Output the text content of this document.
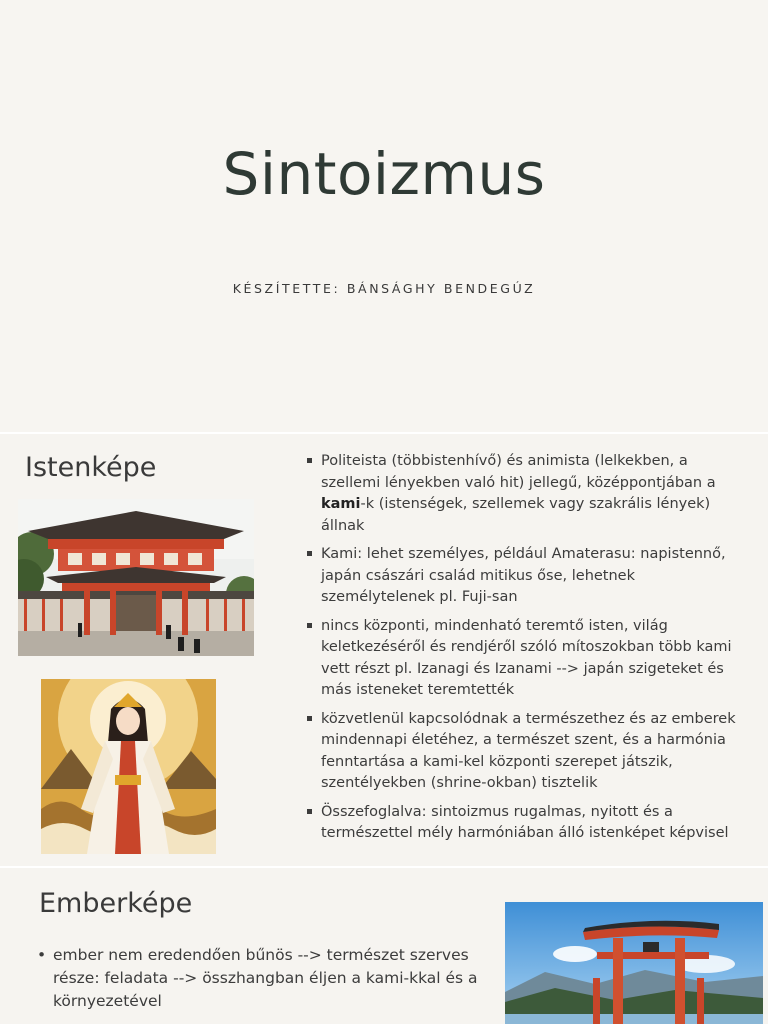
Sintoizmus
KÉSZÍTETTE: BÁNSÁGHY BENDEGÚZ
Istenképe	Politeista (többistenhívő) és animista (lelkekben, a szellemi lényekben való hit) jellegű, középpontjában a kami-k (istenségek, szellemek vagy szakrális lények) állnak
Kami: lehet személyes, például Amaterasu: napistennő, japán császári család mitikus őse, lehetnek személytelenek pl. Fuji-san
nincs központi, mindenható teremtő isten, világ keletkezéséről és rendjéről szóló mítoszokban több kami vett részt pl. Izanagi és Izanami --> japán szigeteket és más isteneket teremtették
közvetlenül kapcsolódnak a természethez és az emberek mindennapi életéhez, a természet szent, és a harmónia fenntartása a kami-kel központi szerepet játszik, szentélyekben (shrine-okban) tisztelik
Összefoglalva: sintoizmus rugalmas, nyitott és a természettel mély harmóniában álló istenképet képvisel
Emberképe
• ember nem eredendően bűnös --> természet szerves része: feladata --> összhangban éljen a kami-kkal és a környezetével
